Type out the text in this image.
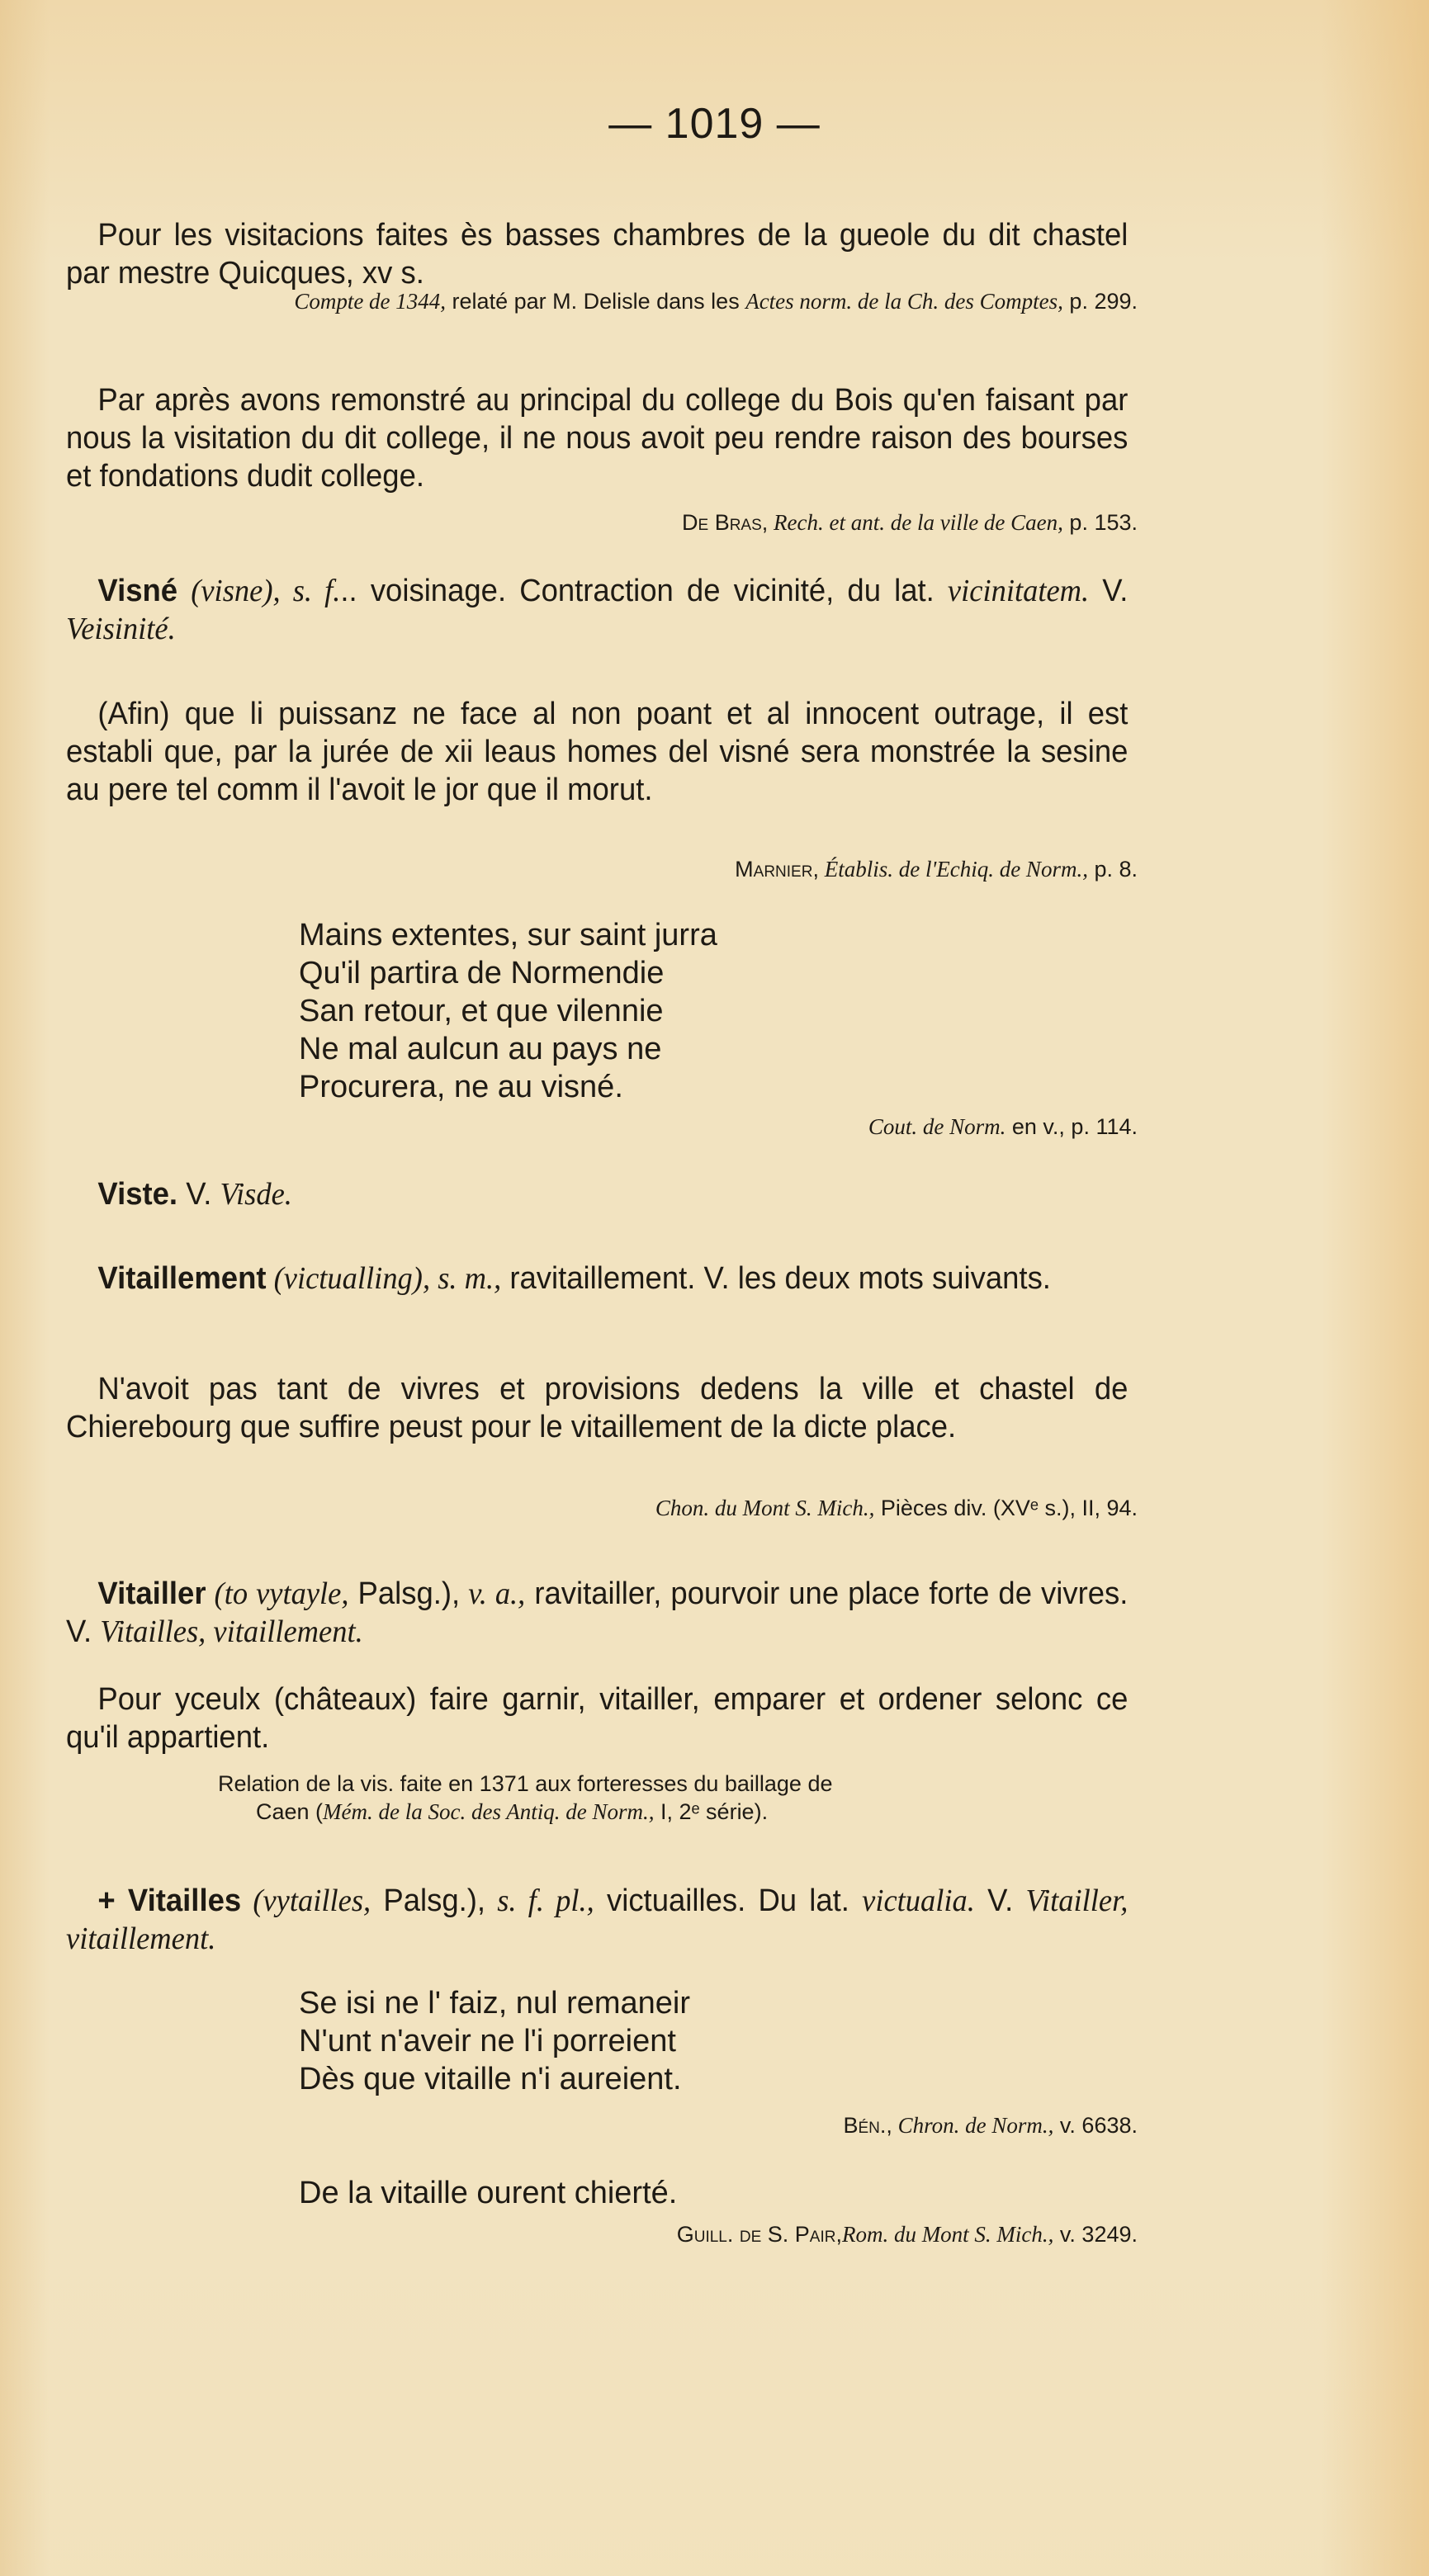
— 1019 —
Pour les visitacions faites ès basses chambres de la gueole du dit chastel par mestre Quicques, xv s.
Compte de 1344, relaté par M. Delisle dans les Actes norm. de la Ch. des Comptes, p. 299.
Par après avons remonstré au principal du college du Bois qu'en faisant par nous la visitation du dit college, il ne nous avoit peu rendre raison des bourses et fondations dudit college.
De Bras, Rech. et ant. de la ville de Caen, p. 153.
Visné (visne), s. f... voisinage. Contraction de vicinité, du lat. vicinitatem. V. Veisinité.
(Afin) que li puissanz ne face al non poant et al innocent outrage, il est establi que, par la jurée de xii leaus homes del visné sera monstrée la sesine au pere tel comm il l'avoit le jor que il morut.
Marnier, Établis. de l'Echiq. de Norm., p. 8.
Mains extentes, sur saint jurra
Qu'il partira de Normendie
San retour, et que vilennie
Ne mal aulcun au pays ne
Procurera, ne au visné.
Cout. de Norm. en v., p. 114.
Viste. V. Visde.
Vitaillement (victualling), s. m., ravitaillement. V. les deux mots suivants.
N'avoit pas tant de vivres et provisions dedens la ville et chastel de Chierebourg que suffire peust pour le vitaillement de la dicte place.
Chon. du Mont S. Mich., Pièces div. (XVᵉ s.), II, 94.
Vitailler (to vytayle, Palsg.), v. a., ravitailler, pourvoir une place forte de vivres. V. Vitailles, vitaillement.
Pour yceulx (châteaux) faire garnir, vitailler, emparer et ordener selonc ce qu'il appartient.
Relation de la vis. faite en 1371 aux forteresses du baillage de
Caen (Mém. de la Soc. des Antiq. de Norm., I, 2ᵉ série).
+ Vitailles (vytailles, Palsg.), s. f. pl., victuailles. Du lat. victualia. V. Vitailler, vitaillement.
Se isi ne l' faiz, nul remaneir
N'unt n'aveir ne l'i porreient
Dès que vitaille n'i aureient.
Bén., Chron. de Norm., v. 6638.
De la vitaille ourent chierté.
Guill. de S. Pair,Rom. du Mont S. Mich., v. 3249.
